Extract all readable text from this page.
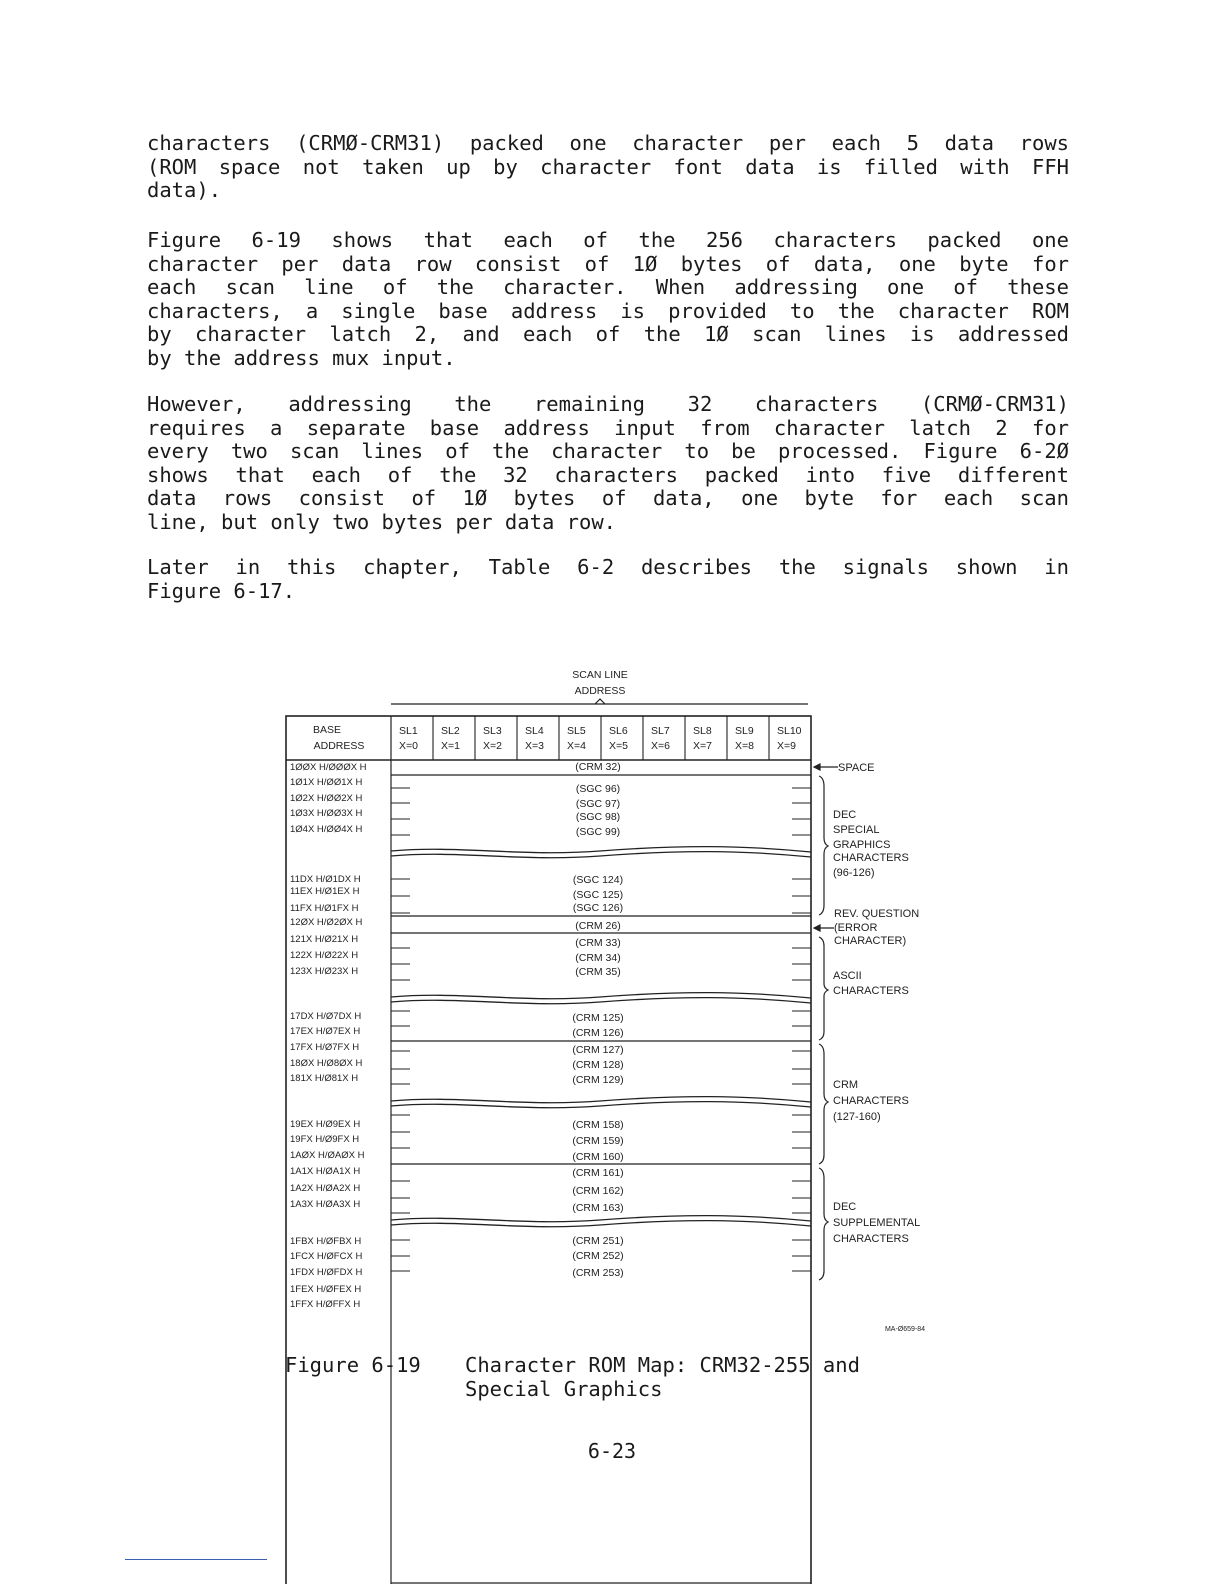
characters (CRMØ-CRM31) packed one character per each 5 data rows
(ROM space not taken up by character font data is filled with FFH
data).
Figure 6-19 shows that each of the 256 characters packed one
character per data row consist of 1Ø bytes of data, one byte for
each scan line of the character. When addressing one of these
characters, a single base address is provided to the character ROM
by character latch 2, and each of the 1Ø scan lines is addressed
by the address mux input.
However, addressing the remaining 32 characters (CRMØ-CRM31)
requires a separate base address input from character latch 2 for
every two scan lines of the character to be processed. Figure 6-2Ø
shows that each of the 32 characters packed into five different
data rows consist of 1Ø bytes of data, one byte for each scan
line, but only two bytes per data row.
Later in this chapter, Table 6-2 describes the signals shown in
Figure 6-17.
SCAN LINE
ADDRESS
BASE
ADDRESS
SL1
X=0
SL2
X=1
SL3
X=2
SL4
X=3
SL5
X=4
SL6
X=5
SL7
X=6
SL8
X=7
SL9
X=8
SL10
X=9
1ØØX H/ØØØX H
1Ø1X H/ØØ1X H
1Ø2X H/ØØ2X H
1Ø3X H/ØØ3X H
1Ø4X H/ØØ4X H
11DX H/Ø1DX H
11EX H/Ø1EX H
11FX H/Ø1FX H
12ØX H/Ø2ØX H
121X H/Ø21X H
122X H/Ø22X H
123X H/Ø23X H
17DX H/Ø7DX H
17EX H/Ø7EX H
17FX H/Ø7FX H
18ØX H/Ø8ØX H
181X H/Ø81X H
19EX H/Ø9EX H
19FX H/Ø9FX H
1AØX H/ØAØX H
1A1X H/ØA1X H
1A2X H/ØA2X H
1A3X H/ØA3X H
1FBX H/ØFBX H
1FCX H/ØFCX H
1FDX H/ØFDX H
1FEX H/ØFEX H
1FFX H/ØFFX H
(CRM 32)
(SGC 96)
(SGC 97)
(SGC 98)
(SGC 99)
(SGC 124)
(SGC 125)
(SGC 126)
(CRM 26)
(CRM 33)
(CRM 34)
(CRM 35)
(CRM 125)
(CRM 126)
(CRM 127)
(CRM 128)
(CRM 129)
(CRM 158)
(CRM 159)
(CRM 160)
(CRM 161)
(CRM 162)
(CRM 163)
(CRM 251)
(CRM 252)
(CRM 253)
SPACE
DEC
SPECIAL
GRAPHICS
CHARACTERS
(96-126)
REV. QUESTION
(ERROR
CHARACTER)
ASCII
CHARACTERS
CRM
CHARACTERS
(127-160)
DEC
SUPPLEMENTAL
CHARACTERS
MA-Ø659-84
Figure 6-19 Character ROM Map: CRM32-255 and
Special Graphics
6-23
